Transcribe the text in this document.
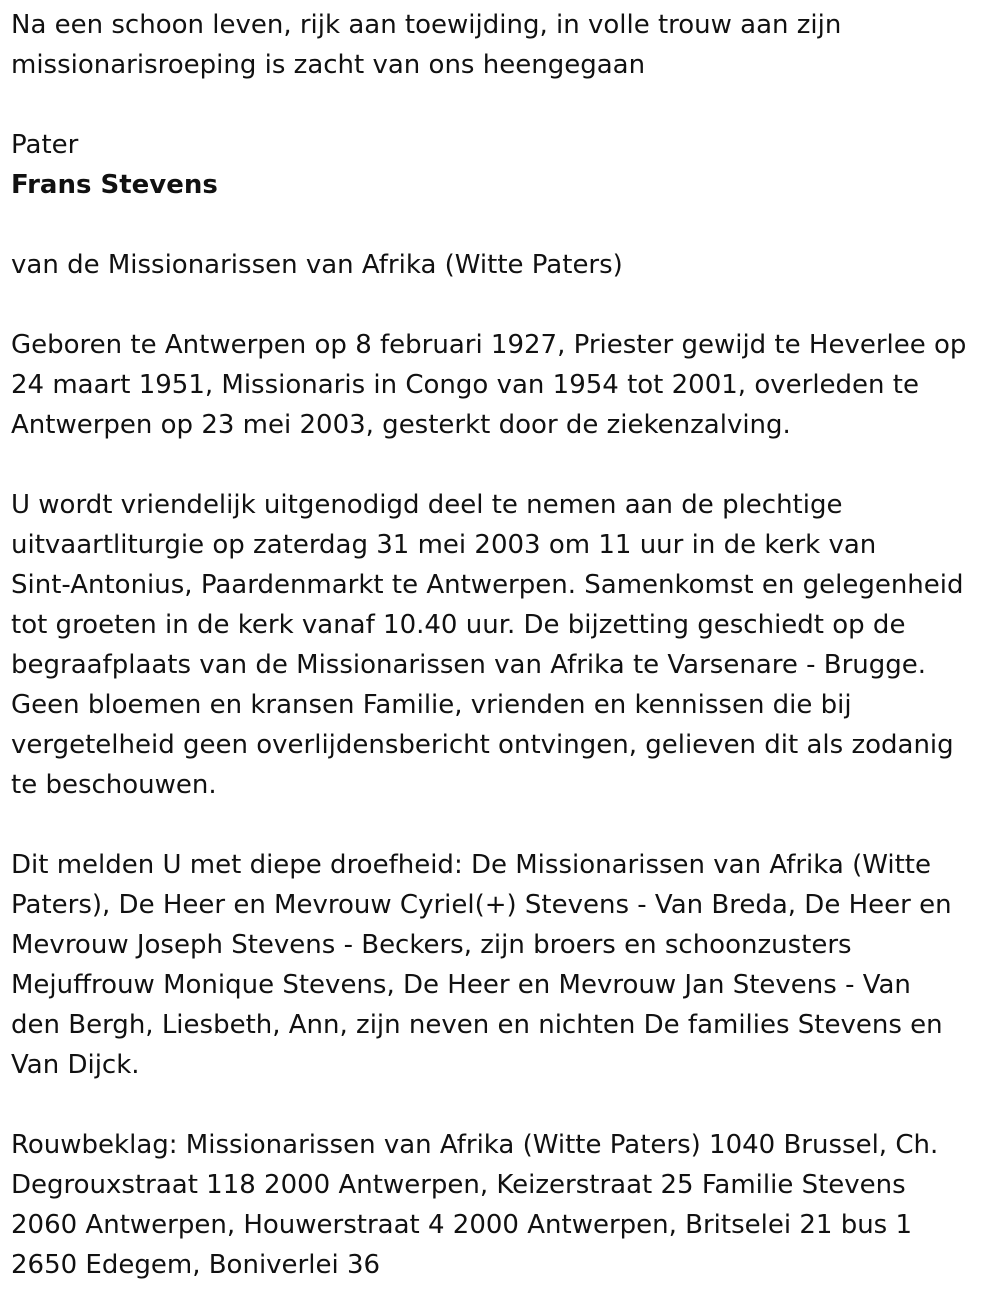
Na een schoon leven, rijk aan toewijding, in volle trouw aan zijn
missionarisroeping is zacht van ons heengegaan

Pater

Frans Stevens

van de Missionarissen van Afrika (Witte Paters)

Geboren te Antwerpen op 8 februari 1927, Priester gewijd te Heverlee op
24 maart 1951, Missionaris in Congo van 1954 tot 2001, overleden te
Antwerpen op 23 mei 2003, gesterkt door de ziekenzalving.

U wordt vriendelijk uitgenodigd deel te nemen aan de plechtige
uitvaartliturgie op zaterdag 31 mei 2003 om 11 uur in de kerk van
Sint-Antonius, Paardenmarkt te Antwerpen. Samenkomst en gelegenheid
tot groeten in de kerk vanaf 10.40 uur. De bijzetting geschiedt op de
begraafplaats van de Missionarissen van Afrika te Varsenare - Brugge.
Geen bloemen en kransen Familie, vrienden en kennissen die bij
vergetelheid geen overlijdensbericht ontvingen, gelieven dit als zodanig
te beschouwen.

Dit melden U met diepe droefheid: De Missionarissen van Afrika (Witte
Paters), De Heer en Mevrouw Cyriel(+) Stevens - Van Breda, De Heer en
Mevrouw Joseph Stevens - Beckers, zijn broers en schoonzusters
Mejuffrouw Monique Stevens, De Heer en Mevrouw Jan Stevens - Van
den Bergh, Liesbeth, Ann, zijn neven en nichten De families Stevens en
Van Dijck.

Rouwbeklag: Missionarissen van Afrika (Witte Paters) 1040 Brussel, Ch.
Degrouxstraat 118 2000 Antwerpen, Keizerstraat 25 Familie Stevens
2060 Antwerpen, Houwerstraat 4 2000 Antwerpen, Britselei 21 bus 1
2650 Edegem, Boniverlei 36
